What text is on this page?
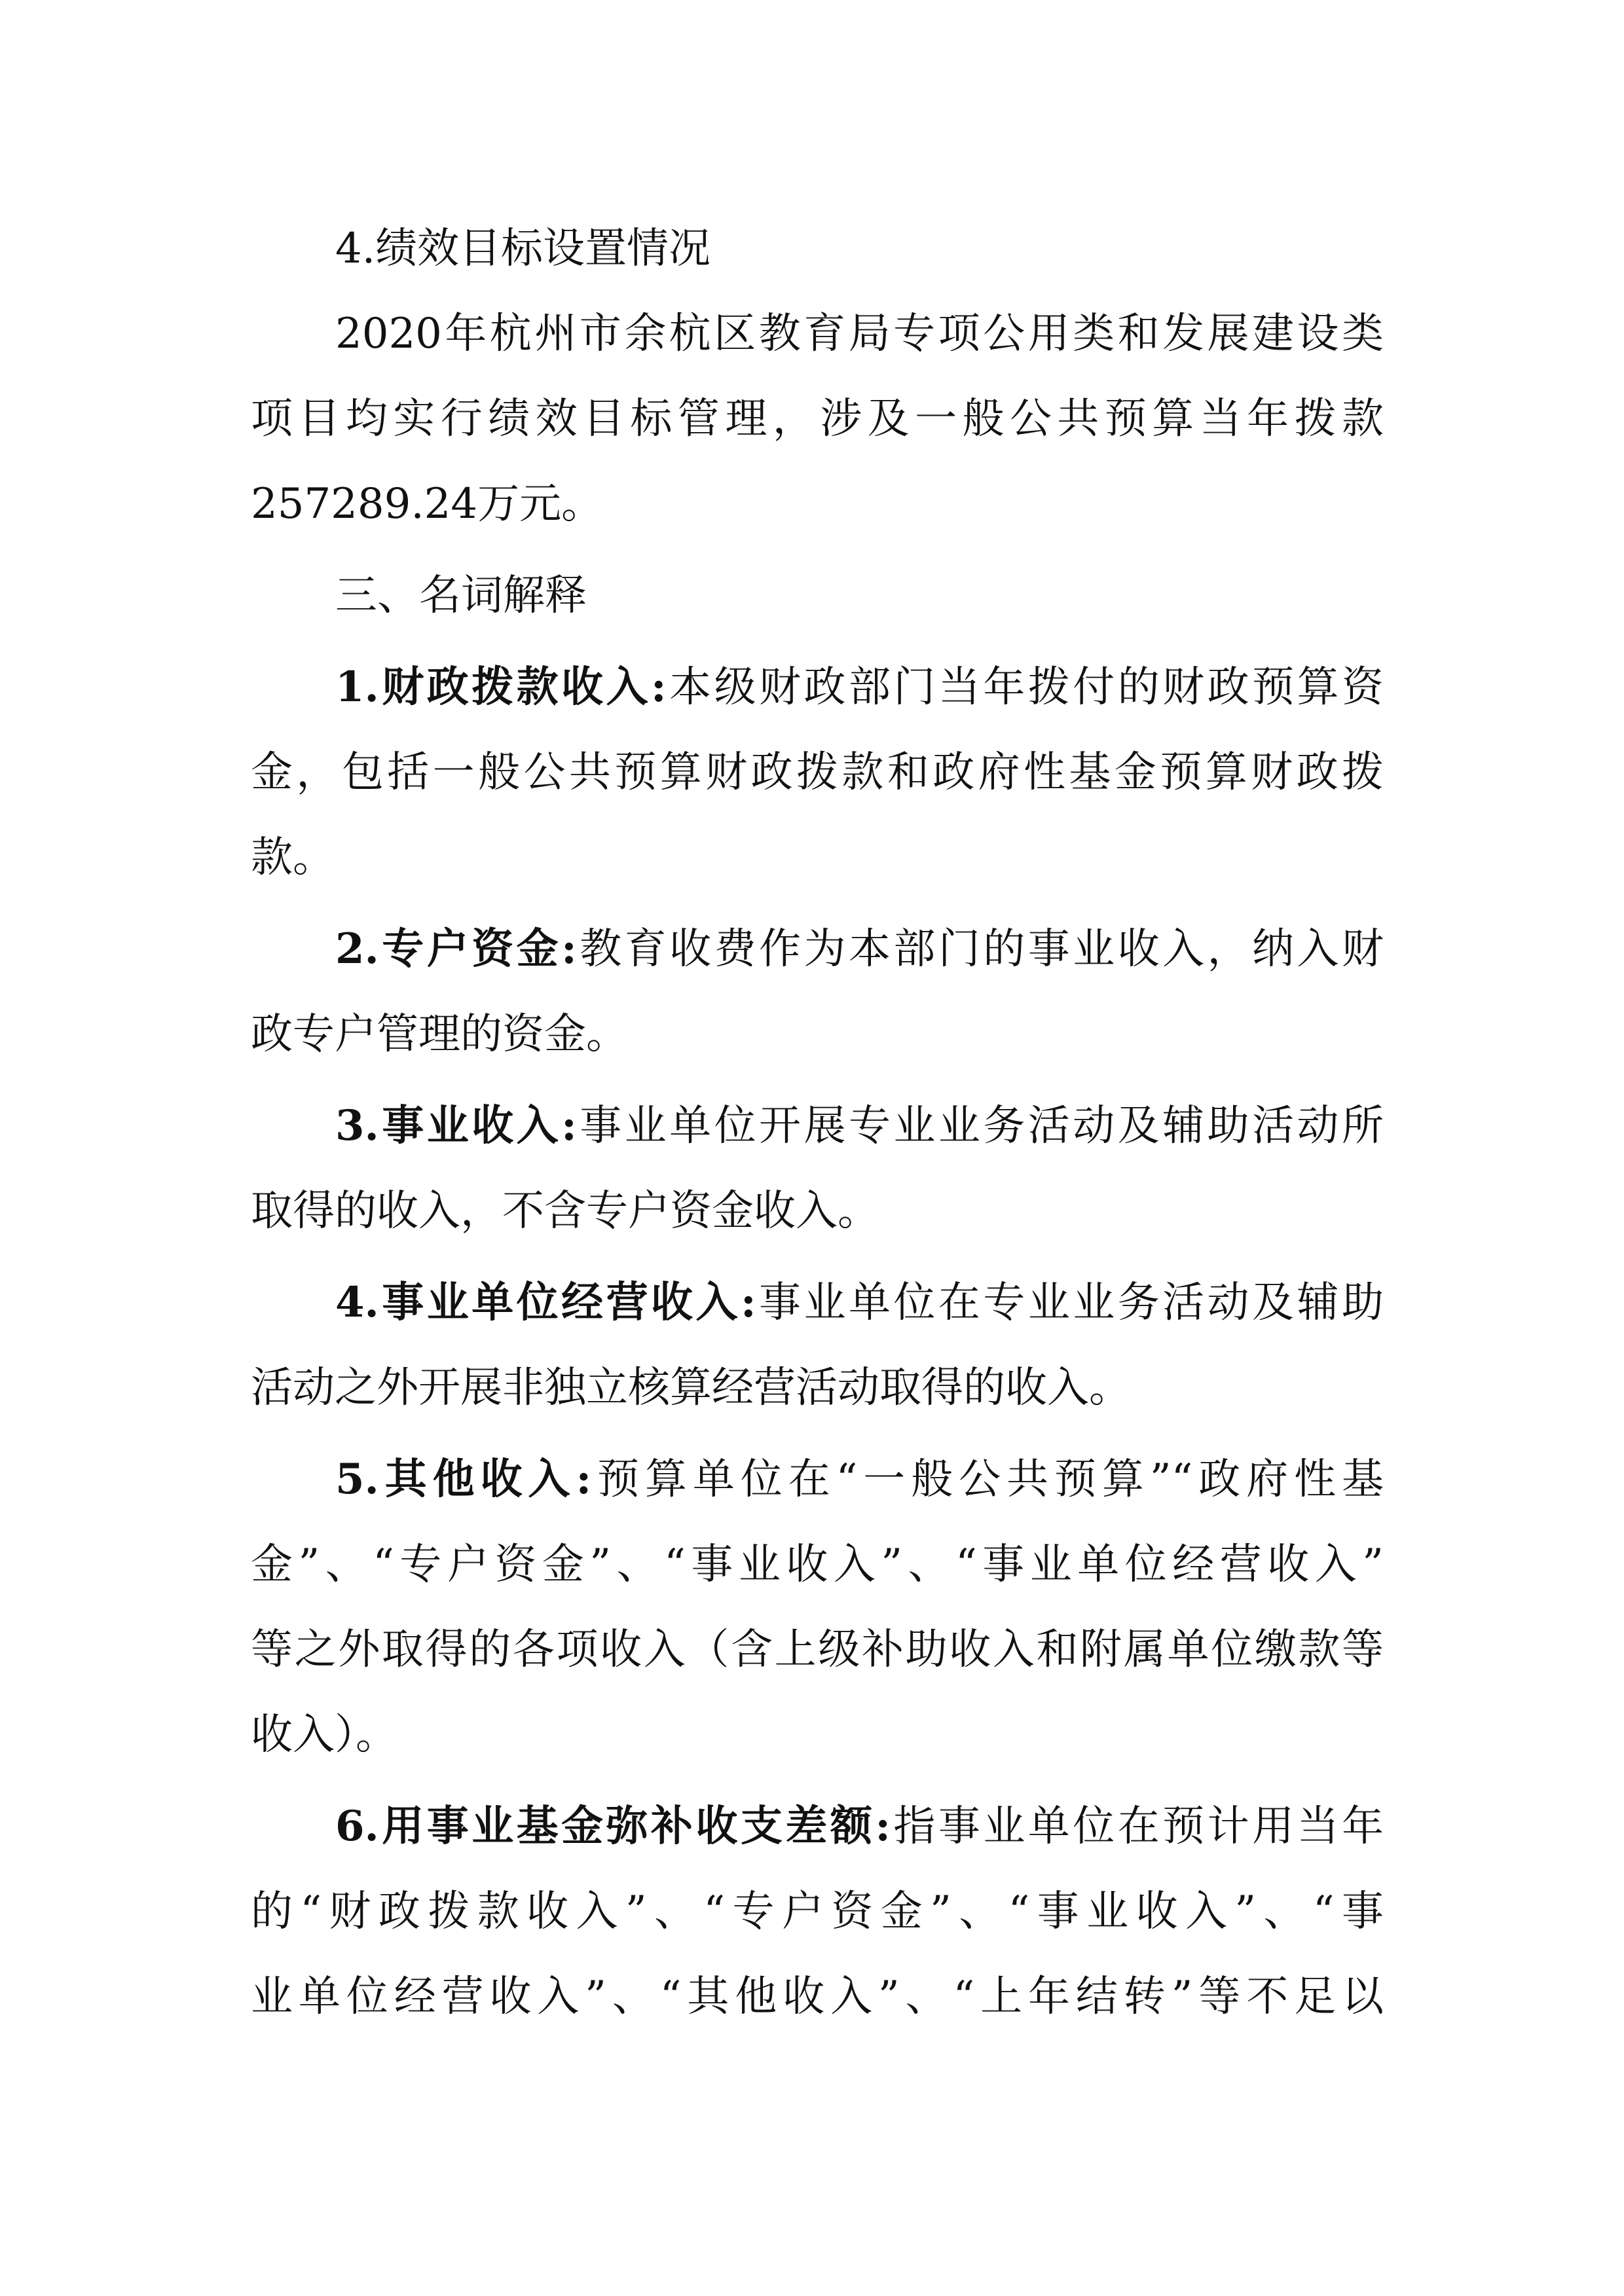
4.绩效目标设置情况
2020年杭州市余杭区教育局专项公用类和发展建设类
项目均实行绩效目标管理，涉及一般公共预算当年拨款
257289.24万元。
三、名词解释
1.财政拨款收入:本级财政部门当年拨付的财政预算资
金，包括一般公共预算财政拨款和政府性基金预算财政拨
款。
2.专户资金:教育收费作为本部门的事业收入，纳入财
政专户管理的资金。
3.事业收入:事业单位开展专业业务活动及辅助活动所
取得的收入，不含专户资金收入。
4.事业单位经营收入:事业单位在专业业务活动及辅助
活动之外开展非独立核算经营活动取得的收入。
5.其他收入:预算单位在“一般公共预算”“政府性基
金”、“专户资金”、“事业收入”、“事业单位经营收入”
等之外取得的各项收入（含上级补助收入和附属单位缴款等
收入）。
6.用事业基金弥补收支差额:指事业单位在预计用当年
的“财政拨款收入”、“专户资金”、“事业收入”、“事
业单位经营收入”、“其他收入”、“上年结转”等不足以
